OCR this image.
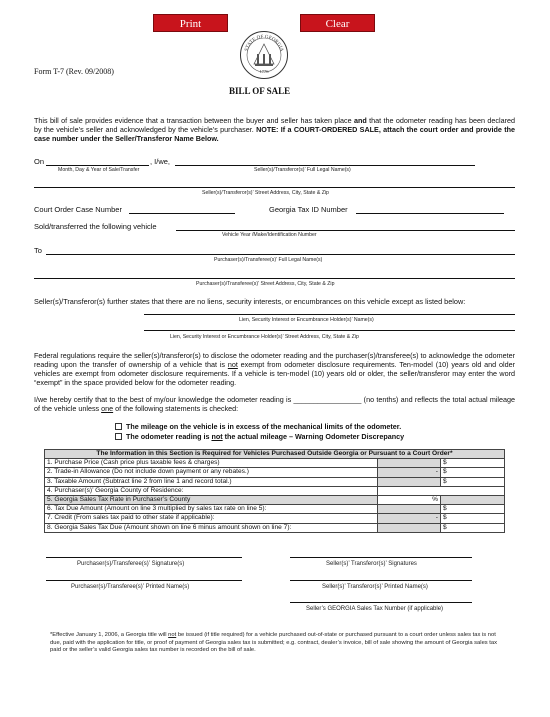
Print	Clear
STATE OF GEORGIA
1776
Form T-7 (Rev. 09/2008)
BILL OF SALE
This bill of sale provides evidence that a transaction between the buyer and seller has taken place and that the odometer reading has been declared by the vehicle’s seller and acknowledged by the vehicle’s purchaser. NOTE: If a COURT-ORDERED SALE, attach the court order and provide the case number under the Seller/Transferor Name Below.
On	, I/we,
Month, Day & Year of Sale/Transfer	Seller(s)/Transferor(s)’ Full Legal Name(s)
Seller(s)/Transferor(s)’ Street Address, City, State & Zip
Court Order Case Number	Georgia Tax ID Number
Sold/transferred the following vehicle
Vehicle Year /Make/Identification Number
To
Purchaser(s)/Transferee(s)’ Full Legal Name(s)
Purchaser(s)/Transferee(s)’ Street Address, City, State & Zip
Seller(s)/Transferor(s) further states that there are no liens, security interests, or encumbrances on this vehicle except as listed below:
Lien, Security Interest or Encumbrance Holder(s)’ Name(s)
Lien, Security Interest or Encumbrance Holder(s)’ Street Address, City, State & Zip
Federal regulations require the seller(s)/transferor(s) to disclose the odometer reading and the purchaser(s)/transferee(s) to acknowledge the odometer reading upon the transfer of ownership of a vehicle that is not exempt from odometer disclosure requirements. Ten-model (10) years old and older vehicles are exempt from odometer disclosure requirements. If a vehicle is ten-model (10) years old or older, the seller/transferor may enter the word “exempt” in the space provided below for the odometer reading.
I/we hereby certify that to the best of my/our knowledge the odometer reading is _________________ (no tenths) and reflects the total actual mileage of the vehicle unless one of the following statements is checked:
The mileage on the vehicle is in excess of the mechanical limits of the odometer.
The odometer reading is not the actual mileage – Warning Odometer Discrepancy
The Information in this Section is Required for Vehicles Purchased Outside Georgia or Pursuant to a Court Order*		
1. Purchase Price (Cash price plus taxable fees & charges)		$
2. Trade-in Allowance (Do not include down payment or any rebates.)	-	$
3. Taxable Amount (Subtract line 2 from line 1 and record total.)		$
4. Purchaser(s)’ Georgia County of Residence:		
5. Georgia Sales Tax Rate in Purchaser’s County	%	
6. Tax Due Amount (Amount on line 3 multiplied by sales tax rate on line 5):		$
7. Credit (From sales tax paid to other state if applicable):	-	$
8. Georgia Sales Tax Due (Amount shown on line 6 minus amount shown on line 7):		$
Purchaser(s)/Transferee(s)’ Signature(s)	Seller(s)’ Transferor(s)’ Signatures
Purchaser(s)/Transferee(s)’ Printed Name(s)	Seller(s)’ Transferor(s)’ Printed Name(s)
Seller’s GEORGIA Sales Tax Number (if applicable)
*Effective January 1, 2006, a Georgia title will not be issued (if title required) for a vehicle purchased out-of-state or purchased pursuant to a court order unless sales tax is not due, paid with the application for title, or proof of payment of Georgia sales tax is submitted; e.g. contract, dealer’s invoice, bill of sale showing the amount of Georgia sales tax paid or the seller’s valid Georgia sales tax number is recorded on the bill of sale.
